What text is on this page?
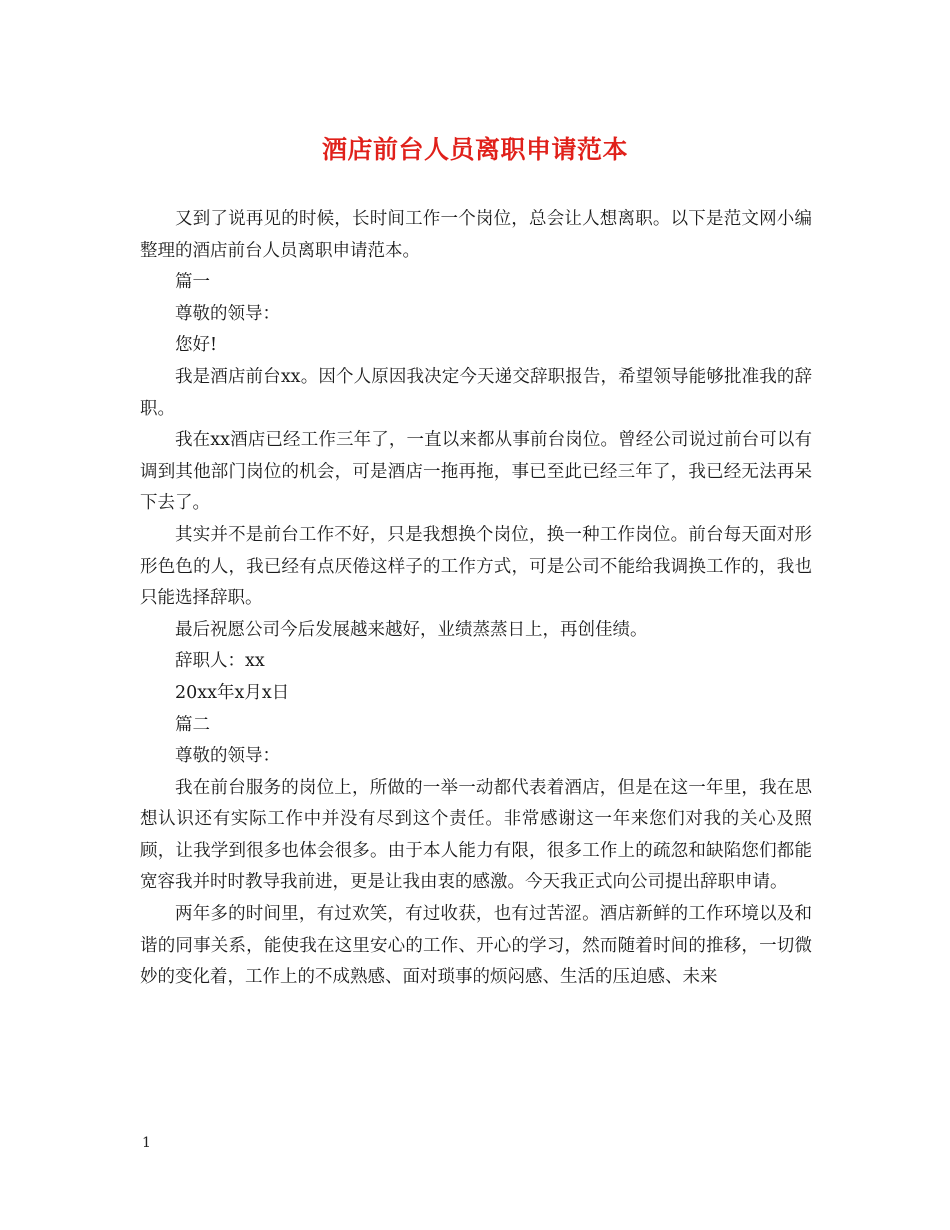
酒店前台人员离职申请范本

又到了说再见的时候，长时间工作一个岗位，总会让人想离职。以下是范文网小编整理的酒店前台人员离职申请范本。

篇一

尊敬的领导：

您好!

我是酒店前台xx。因个人原因我决定今天递交辞职报告，希望领导能够批准我的辞职。

我在xx酒店已经工作三年了，一直以来都从事前台岗位。曾经公司说过前台可以有调到其他部门岗位的机会，可是酒店一拖再拖，事已至此已经三年了，我已经无法再呆下去了。

其实并不是前台工作不好，只是我想换个岗位，换一种工作岗位。前台每天面对形形色色的人，我已经有点厌倦这样子的工作方式，可是公司不能给我调换工作的，我也只能选择辞职。

最后祝愿公司今后发展越来越好，业绩蒸蒸日上，再创佳绩。

辞职人：xx

20xx年x月x日

篇二

尊敬的领导：

我在前台服务的岗位上，所做的一举一动都代表着酒店，但是在这一年里，我在思想认识还有实际工作中并没有尽到这个责任。非常感谢这一年来您们对我的关心及照顾，让我学到很多也体会很多。由于本人能力有限，很多工作上的疏忽和缺陷您们都能宽容我并时时教导我前进，更是让我由衷的感激。今天我正式向公司提出辞职申请。

两年多的时间里，有过欢笑，有过收获，也有过苦涩。酒店新鲜的工作环境以及和谐的同事关系，能使我在这里安心的工作、开心的学习，然而随着时间的推移，一切微妙的变化着，工作上的不成熟感、面对琐事的烦闷感、生活的压迫感、未来

1
